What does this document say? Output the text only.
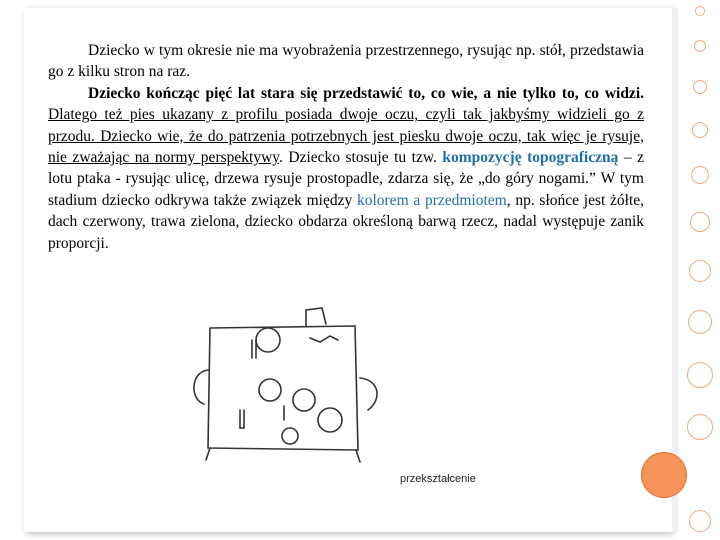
Dziecko w tym okresie nie ma wyobrażenia przestrzennego, rysując np. stół, przedstawia go z kilku stron na raz.

Dziecko kończąc pięć lat stara się przedstawić to, co wie, a nie tylko to, co widzi. Dlatego też pies ukazany z profilu posiada dwoje oczu, czyli tak jakbyśmy widzieli go z przodu. Dziecko wie, że do patrzenia potrzebnych jest piesku dwoje oczu, tak więc je rysuje, nie zważając na normy perspektywy. Dziecko stosuje tu tzw. kompozycję topograficzną – z lotu ptaka - rysując ulicę, drzewa rysuje prostopadle, zdarza się, że „do góry nogami.” W tym stadium dziecko odkrywa także związek między kolorem a przedmiotem, np. słońce jest żółte, dach czerwony, trawa zielona, dziecko obdarza określoną barwą rzecz, nadal występuje zanik proporcji.

przekształcenie
